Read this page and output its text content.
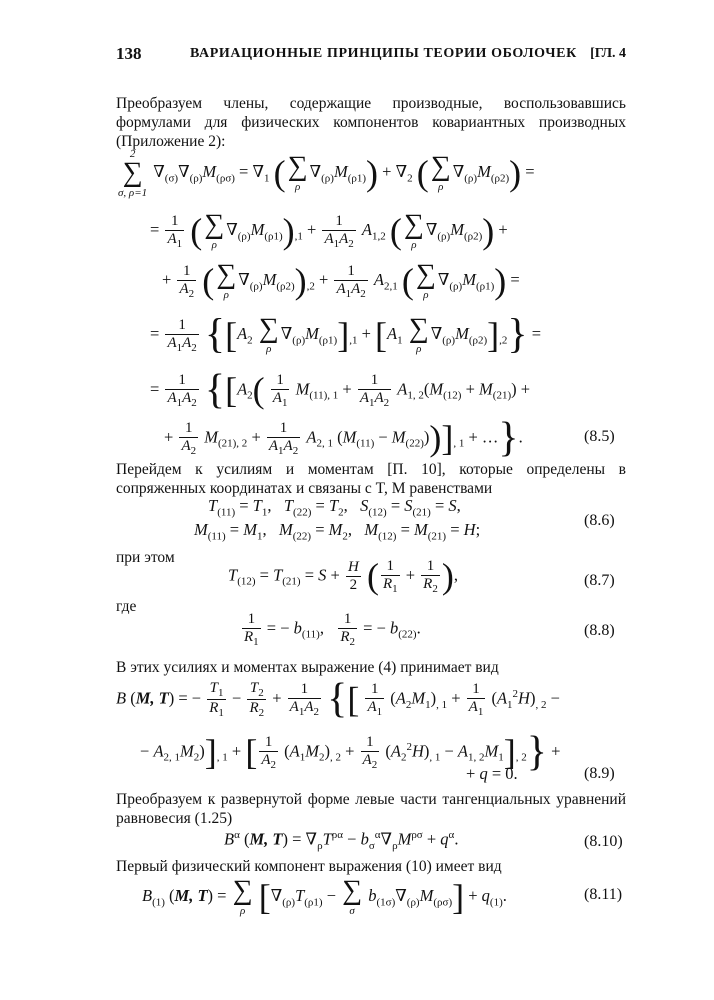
138	ВАРИАЦИОННЫЕ ПРИНЦИПЫ ТЕОРИИ ОБОЛОЧЕК [ГЛ. 4

Преобразуем члены, содержащие производные, воспользовавшись формулами для физических компонентов ковариантных производных (Приложение 2):

2
∑
σ, ρ=1
$\nabla_{(\sigma)}\nabla_{(\rho)}M_{(\rho\sigma)} = \nabla_1$ ( ∑
ρ
$\nabla_{(\rho)}M_{(\rho 1)}) + \nabla_2$ ( ∑
ρ
$\nabla_{(\rho)}M_{(\rho 2)}$) =
= $\frac{1}{A_1}$ ( ∑
ρ
$\nabla_{(\rho)}M_{(\rho 1)})_{,1} + \frac{1}{A_1A_2} A_{1,2}$ ( ∑
ρ
$\nabla_{(\rho)}M_{(\rho 2)}$) +
+ $\frac{1}{A_2}$ ( ∑
ρ
$\nabla_{(\rho)}M_{(\rho 2)})_{,2} + \frac{1}{A_1A_2} A_{2,1}$ ( ∑
ρ
$\nabla_{(\rho)}M_{(\rho 1)}$) =
= $\frac{1}{A_1A_2} \{[A_2$ ∑
ρ
$\nabla_{(\rho)}M_{(\rho 1)}]_{,1} + [A_1$ ∑
ρ
$\nabla_{(\rho)}M_{(\rho 2)}]_{,2}$} =
= $\frac{1}{A_1A_2} \{[A_2( \frac{1}{A_1} M_{(11), 1} + \frac{1}{A_1A_2} A_{1, 2}(M_{(12)} + M_{(21)})$ +
+ $\frac{1}{A_2} M_{(21), 2} + \frac{1}{A_1A_2} A_{2, 1}$ $(M_{(11)} - M_{(22)}))]_{, 1}$ + …}.	(8.5)

Перейдем к усилиям и моментам [П. 10], которые определены в сопряженных координатах и связаны с T, M равенствами

$T_{(11)} = T_1$,   $T_{(22)} = T_2$,   $S_{(12)} = S_{(21)} = S$,
$M_{(11)} = M_1$,   $M_{(22)} = M_2$,   $M_{(12)} = M_{(21)} = H$;	(8.6)
при этом
$T_{(12)} = T_{(21)} = S + \frac{H}{2}$ ( $\frac{1}{R_1} + \frac{1}{R_2}$ ),	(8.7)
где
$\frac{1}{R_1}$ = − $b_{(11)}$, $\frac{1}{R_2}$ = − $b_{(22)}$.	(8.8)

В этих усилиях и моментах выражение (4) принимает вид

B (M, T) = − $\frac{T_1}{R_1} - \frac{T_2}{R_2} + \frac{1}{A_1A_2}$ {[ $\frac{1}{A_1} (A_2M_1)_{, 1} + \frac{1}{A_1} (A_1^2H)_{, 2}$ −
− $A_{2, 1}M_2)]_{, 1}$ + [ $\frac{1}{A_2} (A_1M_2)_{, 2} + \frac{1}{A_2} (A_2^2H)_{, 1} - A_{1, 2}M_1]_{, 2}$} +
+ q = 0.	(8.9)

Преобразуем к развернутой форме левые части тангенциальных уравнений равновесия (1.25)

$B^\alpha$ (M, $T) = \nabla_\rho T^{\rho\alpha} - b_\sigma^\alpha\nabla_\rho M^{\rho\sigma} + q^\alpha$.	(8.10)

Первый физический компонент выражения (10) имеет вид

$B_{(1)}$ (M, T) = ∑
ρ [$\nabla_{(\rho)}T_{(\rho 1)}$ − ∑
σ
$b_{(1\sigma)}\nabla_{(\rho)}M_{(\rho\sigma)}] + q_{(1)}$.	(8.11)
